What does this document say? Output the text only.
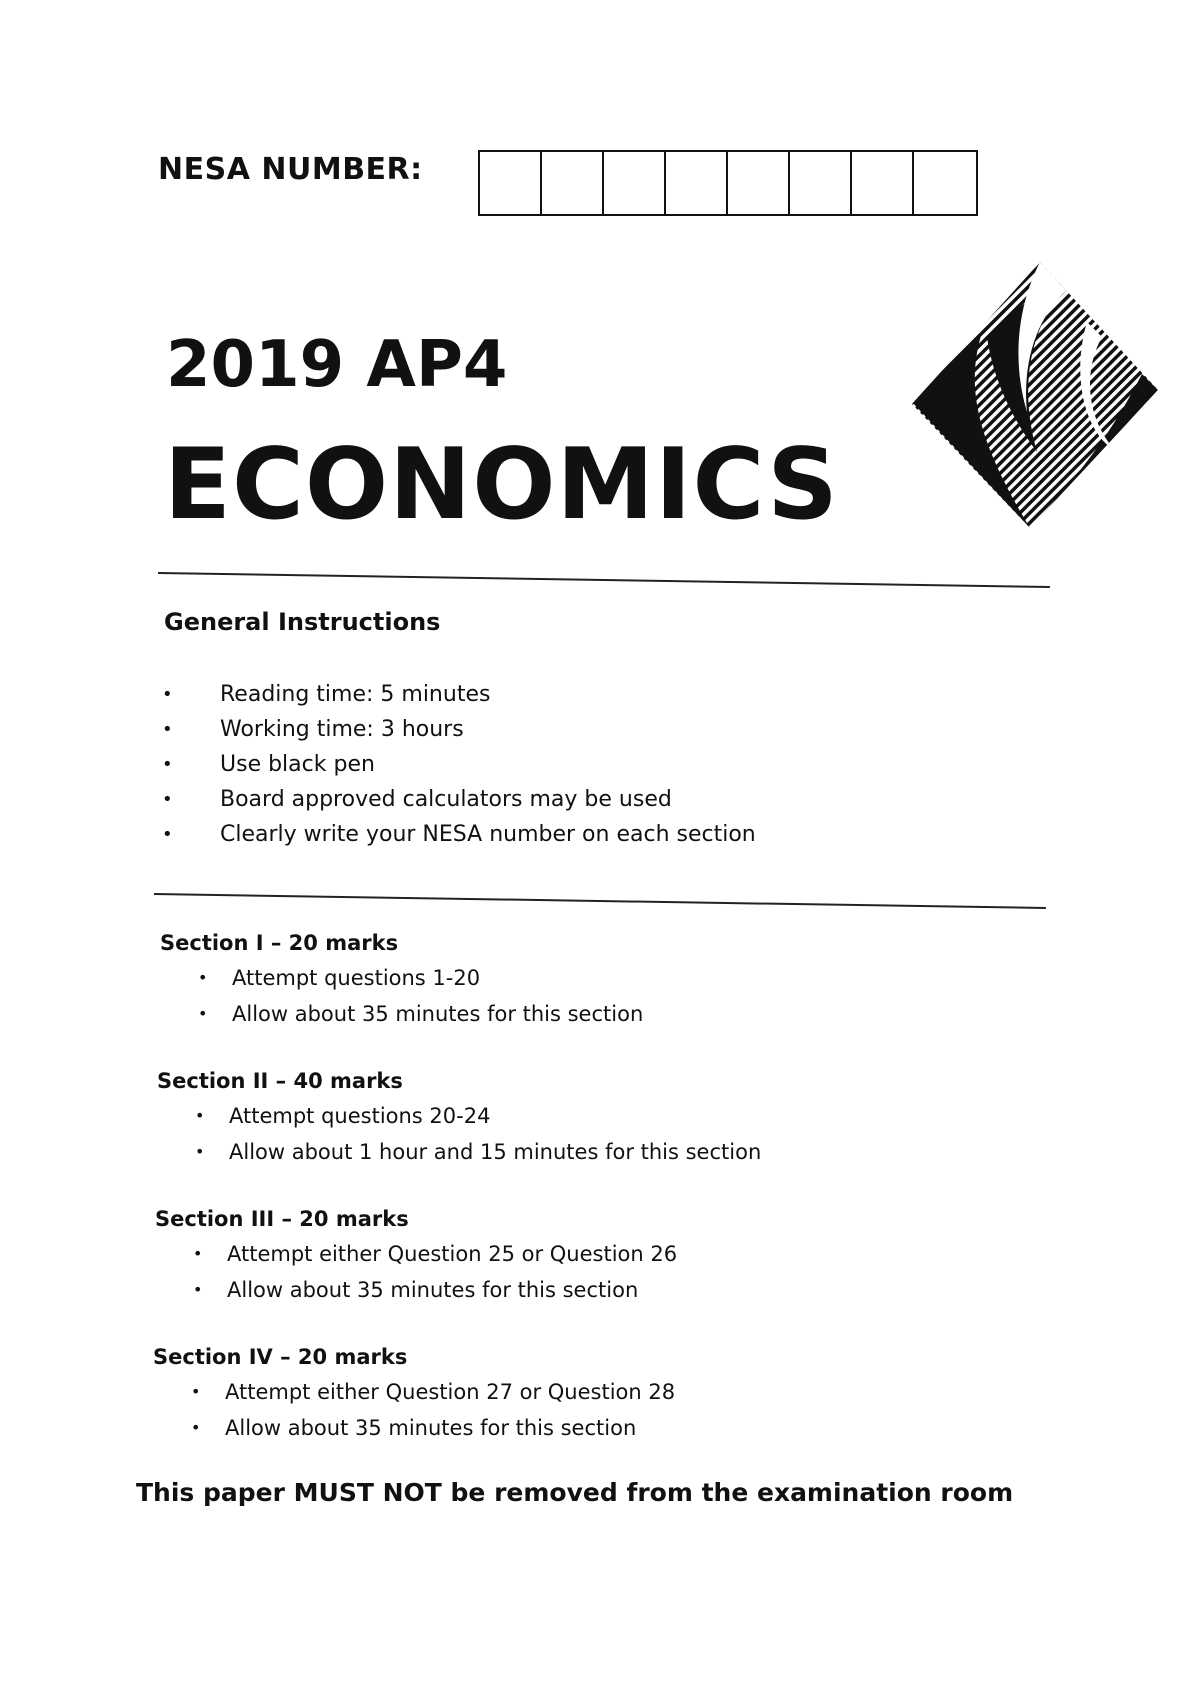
NESA NUMBER:
2019 AP4
ECONOMICS
General Instructions
• Reading time: 5 minutes
• Working time: 3 hours
• Use black pen
• Board approved calculators may be used
• Clearly write your NESA number on each section
Section I – 20 marks
• Attempt questions 1-20
• Allow about 35 minutes for this section
Section II – 40 marks
• Attempt questions 20-24
• Allow about 1 hour and 15 minutes for this section
Section III – 20 marks
• Attempt either Question 25 or Question 26
• Allow about 35 minutes for this section
Section IV – 20 marks
• Attempt either Question 27 or Question 28
• Allow about 35 minutes for this section
This paper MUST NOT be removed from the examination room
